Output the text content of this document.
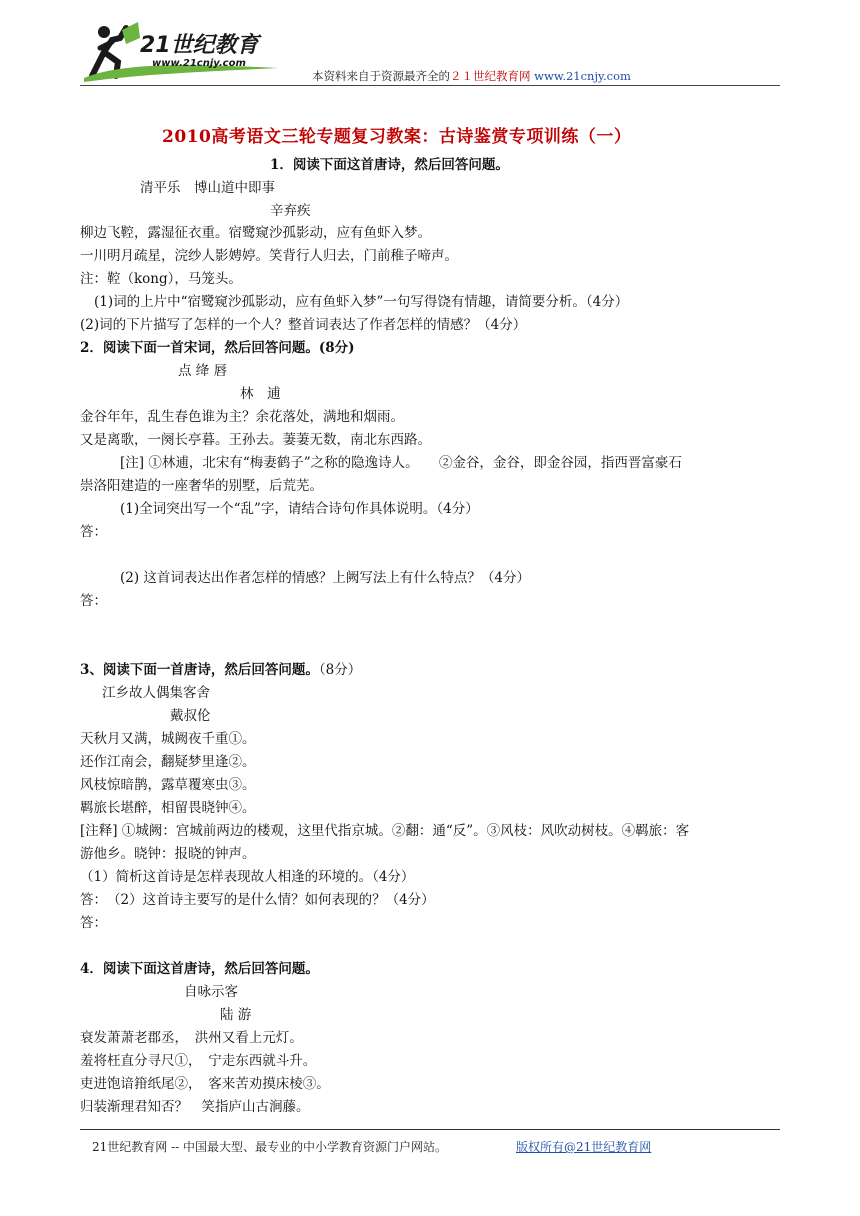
21世纪教育
www.21cnjy.com
本资料来自于资源最齐全的２１世纪教育网 www.21cnjy.com
2010高考语文三轮专题复习教案：古诗鉴赏专项训练（一）
1．阅读下面这首唐诗，然后回答问题。
清平乐　博山道中即事
辛弃疾
柳边飞鞚，露湿征衣重。宿鹭窥沙孤影动，应有鱼虾入梦。
一川明月疏星，浣纱人影娉婷。笑背行人归去，门前稚子啼声。
注：鞚（kong），马笼头。
(1)词的上片中“宿鹭窥沙孤影动，应有鱼虾入梦”一句写得饶有情趣，请简要分析。（4分）
(2)词的下片描写了怎样的一个人？整首词表达了作者怎样的情感？（4分）
2．阅读下面一首宋词，然后回答问题。(8分)
点 绛 唇
林　逋
金谷年年，乱生春色谁为主？余花落处，满地和烟雨。
又是离歌，一阕长亭暮。王孙去。萋萋无数，南北东西路。
[注] ①林逋，北宋有“梅妻鹤子”之称的隐逸诗人。　　②金谷，金谷，即金谷园，指西晋富豪石
崇洛阳建造的一座奢华的别墅，后荒芜。
(1)全词突出写一个“乱”字，请结合诗句作具体说明。（4分）
答：
(2) 这首词表达出作者怎样的情感？上阙写法上有什么特点？（4分）
答：
3、阅读下面一首唐诗，然后回答问题。（8分）
江乡故人偶集客舍
戴叔伦
天秋月又满，城阙夜千重①。
还作江南会，翻疑梦里逢②。
风枝惊暗鹊，露草覆寒虫③。
羁旅长堪醉，相留畏晓钟④。
[注释] ①城阙：宫城前两边的楼观，这里代指京城。②翻：通“反”。③风枝：风吹动树枝。④羁旅：客
游他乡。晓钟：报晓的钟声。
（1）简析这首诗是怎样表现故人相逢的环境的。（4分）
答：　（2）这首诗主要写的是什么情？如何表现的？（4分）
答：
4．阅读下面这首唐诗，然后回答问题。
自咏示客
陆 游
衰发萧萧老郡丞，　洪州又看上元灯。
羞将枉直分寻尺①，　宁走东西就斗升。
吏进饱谙箝纸尾②，　客来苦劝摸床棱③。
归装渐理君知否？　笑指庐山古涧藤。
21世纪教育网 -- 中国最大型、最专业的中小学教育资源门户网站。	版权所有@21世纪教育网
